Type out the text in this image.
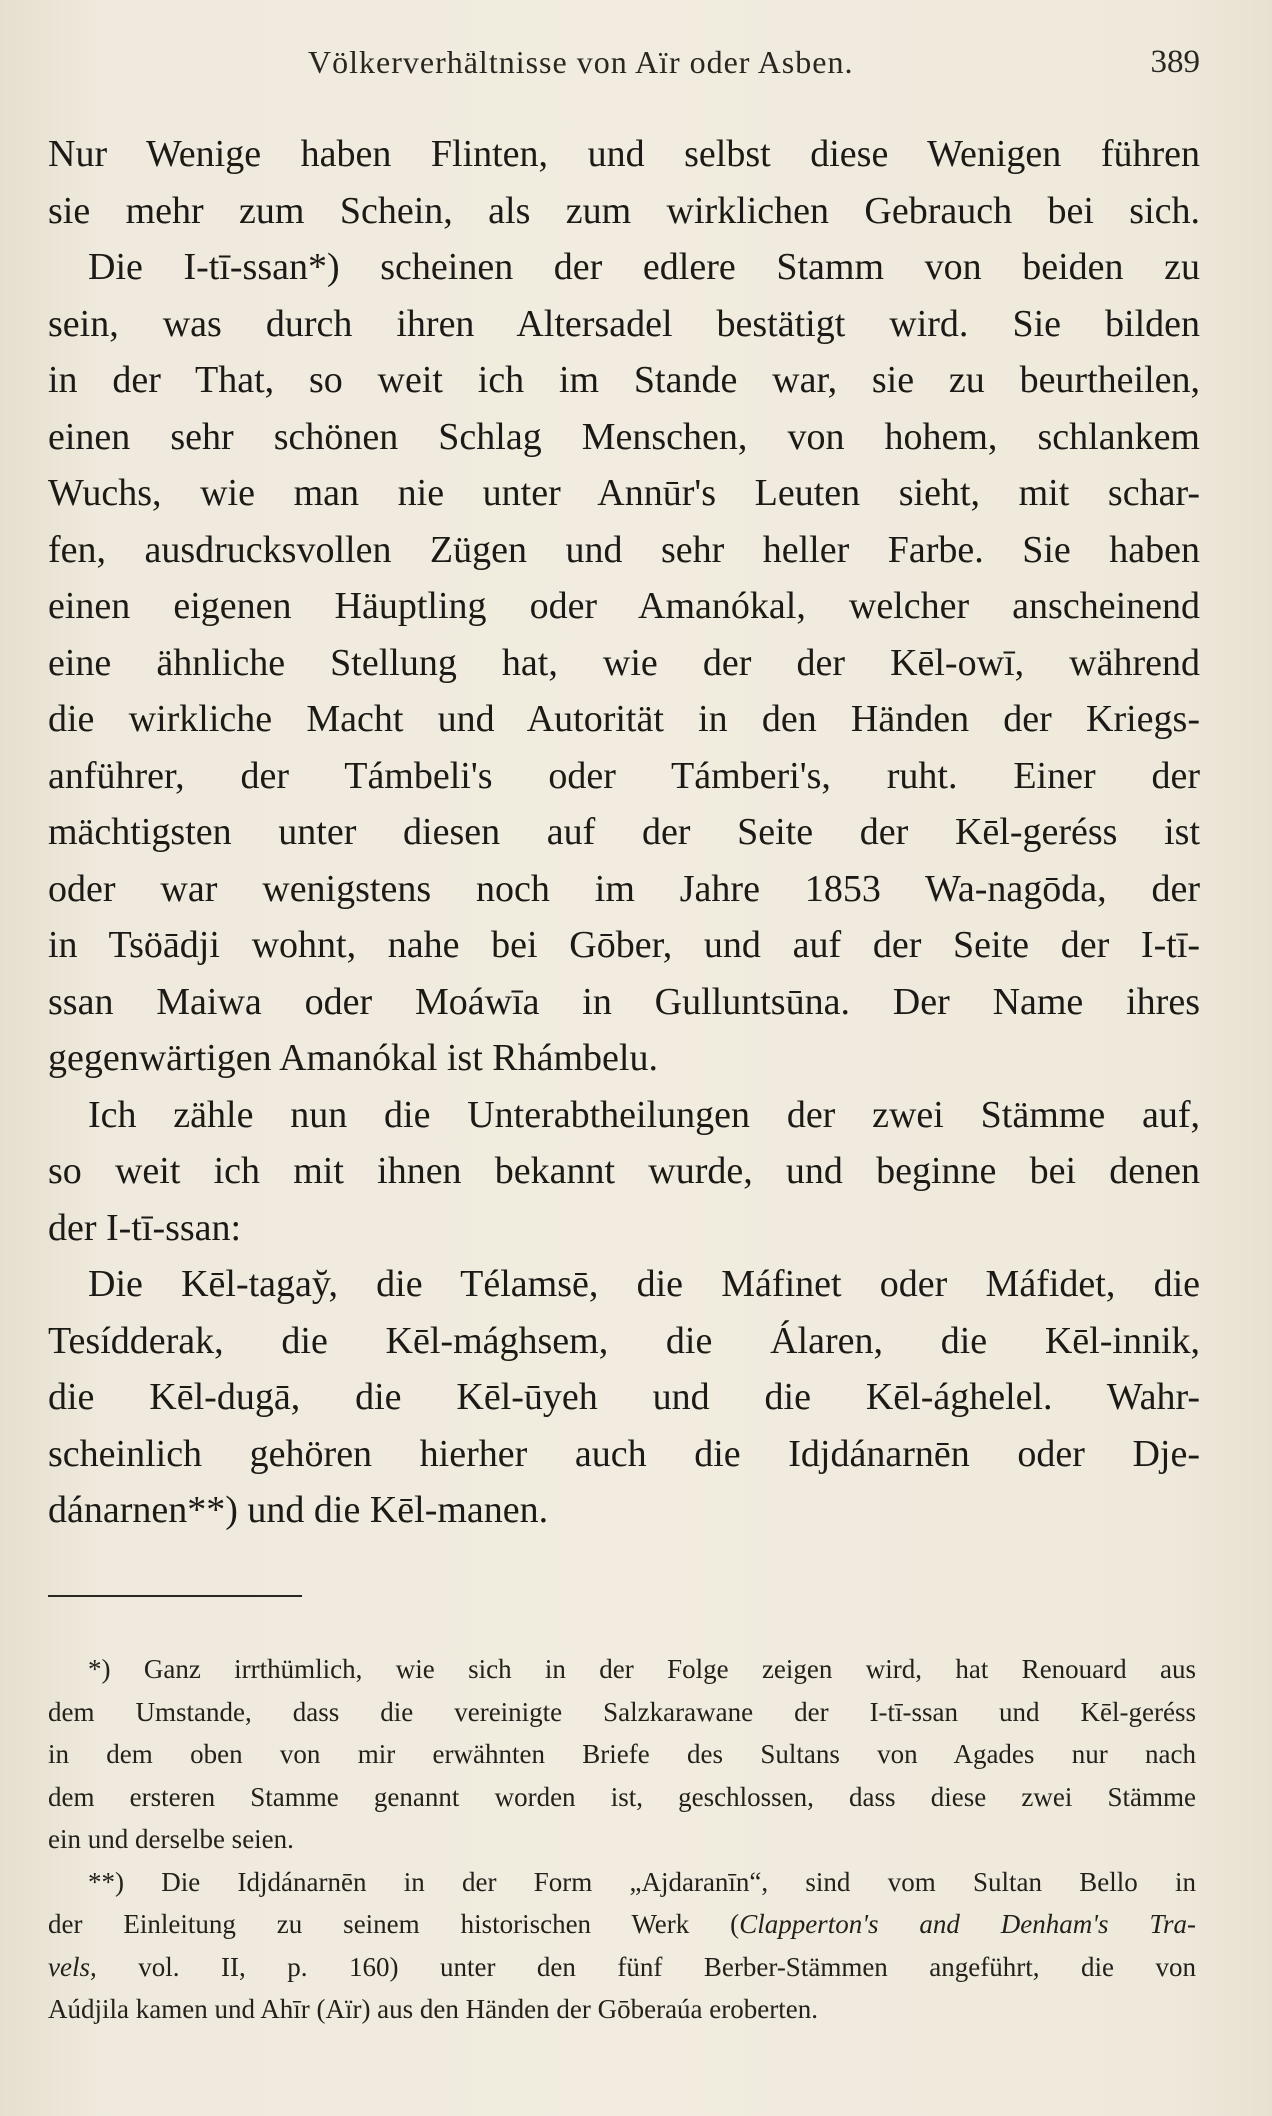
Völkerverhältnisse von Aïr oder Asben.	389

Nur Wenige haben Flinten, und selbst diese Wenigen führen
sie mehr zum Schein, als zum wirklichen Gebrauch bei sich.

Die I-tī-ssan*) scheinen der edlere Stamm von beiden zu
sein, was durch ihren Altersadel bestätigt wird. Sie bilden
in der That, so weit ich im Stande war, sie zu beurtheilen,
einen sehr schönen Schlag Menschen, von hohem, schlankem
Wuchs, wie man nie unter Annūr's Leuten sieht, mit schar-
fen, ausdrucksvollen Zügen und sehr heller Farbe. Sie haben
einen eigenen Häuptling oder Amanókal, welcher anscheinend
eine ähnliche Stellung hat, wie der der Kēl-owī, während
die wirkliche Macht und Autorität in den Händen der Kriegs-
anführer, der Támbeli's oder Támberi's, ruht. Einer der
mächtigsten unter diesen auf der Seite der Kēl-geréss ist
oder war wenigstens noch im Jahre 1853 Wa-nagōda, der
in Tsöādji wohnt, nahe bei Gōber, und auf der Seite der I-tī-
ssan Maiwa oder Moáwīa in Gulluntsūna. Der Name ihres
gegenwärtigen Amanókal ist Rhámbelu.

Ich zähle nun die Unterabtheilungen der zwei Stämme auf,
so weit ich mit ihnen bekannt wurde, und beginne bei denen
der I-tī-ssan:

Die Kēl-tagay̆, die Télamsē, die Máfinet oder Máfidet, die
Tesídderak, die Kēl-mághsem, die Álaren, die Kēl-innik,
die Kēl-dugā, die Kēl-ūyeh und die Kēl-ághelel. Wahr-
scheinlich gehören hierher auch die Idjdánarnēn oder Dje-
dánarnen**) und die Kēl-manen.

*) Ganz irrthümlich, wie sich in der Folge zeigen wird, hat Renouard aus
dem Umstande, dass die vereinigte Salzkarawane der I-tī-ssan und Kēl-geréss
in dem oben von mir erwähnten Briefe des Sultans von Agades nur nach
dem ersteren Stamme genannt worden ist, geschlossen, dass diese zwei Stämme
ein und derselbe seien.

**) Die Idjdánarnēn in der Form „Ajdaranīn“, sind vom Sultan Bello in
der Einleitung zu seinem historischen Werk (Clapperton's and Denham's Tra-
vels, vol. II, p. 160) unter den fünf Berber-Stämmen angeführt, die von
Aúdjila kamen und Ahīr (Aïr) aus den Händen der Gōberaúa eroberten.
